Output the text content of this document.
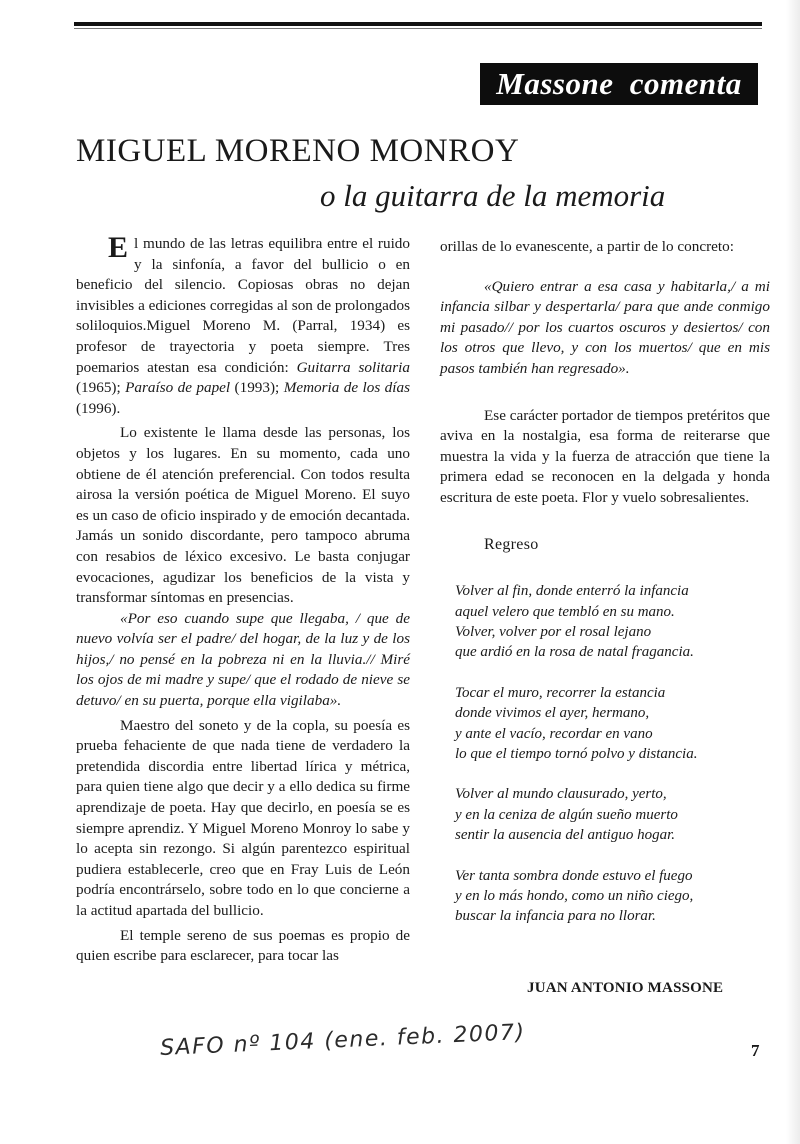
Massone comenta
MIGUEL MORENO MONROY
o la guitarra de la memoria

El mundo de las letras equilibra entre el ruido y la sinfonía, a favor del bullicio o en beneficio del silencio. Copiosas obras no dejan invisibles a ediciones corregidas al son de prolongados soliloquios.Miguel Moreno M. (Parral, 1934) es profesor de trayectoria y poeta siempre. Tres poemarios atestan esa condición: Guitarra solitaria (1965); Paraíso de papel (1993); Memoria de los días (1996).

Lo existente le llama desde las personas, los objetos y los lugares. En su momento, cada uno obtiene de él atención preferencial. Con todos resulta airosa la versión poética de Miguel Moreno. El suyo es un caso de oficio inspirado y de emoción decantada. Jamás un sonido discordante, pero tampoco abruma con resabios de léxico excesivo. Le basta conjugar evocaciones, agudizar los beneficios de la vista y transformar síntomas en presencias.

«Por eso cuando supe que llegaba, / que de nuevo volvía ser el padre/ del hogar, de la luz y de los hijos,/ no pensé en la pobreza ni en la lluvia.// Miré los ojos de mi madre y supe/ que el rodado de nieve se detuvo/ en su puerta, porque ella vigilaba».

Maestro del soneto y de la copla, su poesía es prueba fehaciente de que nada tiene de verdadero la pretendida discordia entre libertad lírica y métrica, para quien tiene algo que decir y a ello dedica su firme aprendizaje de poeta. Hay que decirlo, en poesía se es siempre aprendiz. Y Miguel Moreno Monroy lo sabe y lo acepta sin rezongo. Si algún parentezco espiritual pudiera establecerle, creo que en Fray Luis de León podría encontrárselo, sobre todo en lo que concierne a la actitud apartada del bullicio.

El temple sereno de sus poemas es propio de quien escribe para esclarecer, para tocar las

orillas de lo evanescente, a partir de lo concreto:

«Quiero entrar a esa casa y habitarla,/ a mi infancia silbar y despertarla/ para que ande conmigo mi pasado// por los cuartos oscuros y desiertos/ con los otros que llevo, y con los muertos/ que en mis pasos también han regresado».

Ese carácter portador de tiempos pretéritos que aviva en la nostalgia, esa forma de reiterarse que muestra la vida y la fuerza de atracción que tiene la primera edad se reconocen en la delgada y honda escritura de este poeta. Flor y vuelo sobresalientes.

Regreso

Volver al fin, donde enterró la infancia
aquel velero que tembló en su mano.
Volver, volver por el rosal lejano
que ardió en la rosa de natal fragancia.
Tocar el muro, recorrer la estancia
donde vivimos el ayer, hermano,
y ante el vacío, recordar en vano
lo que el tiempo tornó polvo y distancia.
Volver al mundo clausurado, yerto,
y en la ceniza de algún sueño muerto
sentir la ausencia del antiguo hogar.
Ver tanta sombra donde estuvo el fuego
y en lo más hondo, como un niño ciego,
buscar la infancia para no llorar.
JUAN ANTONIO MASSONE
SAFO nº 104 (ene. feb. 2007)	7
